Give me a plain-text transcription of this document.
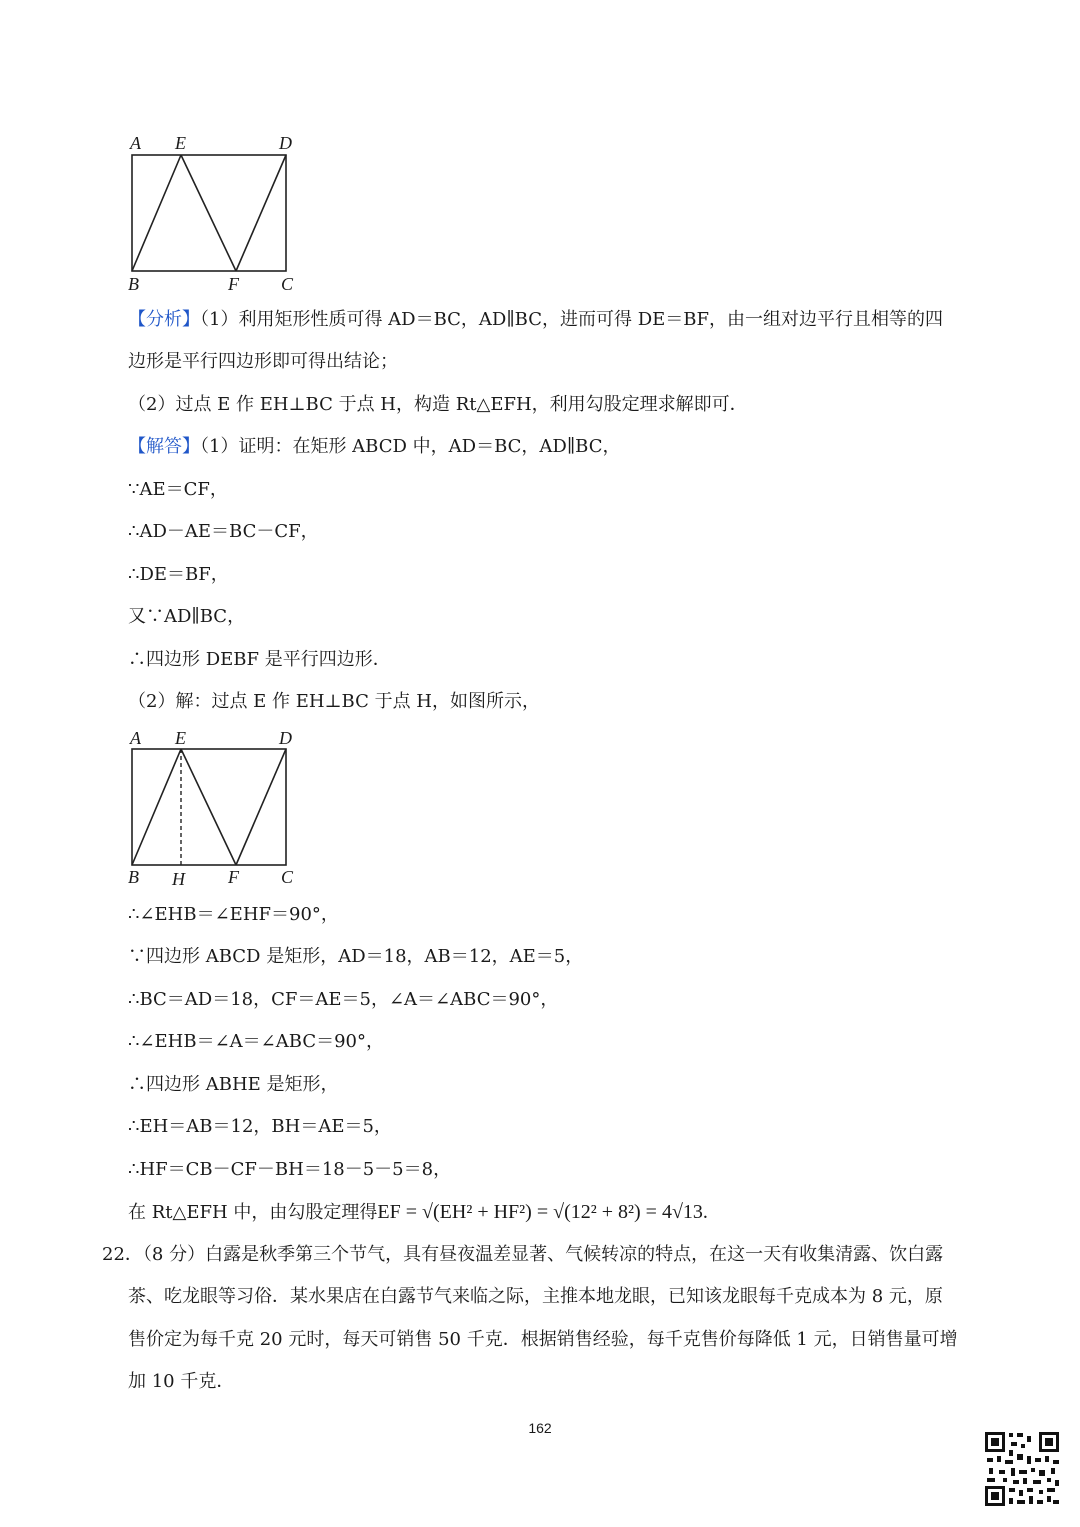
A E	D
B	F C
【分析】（1）利用矩形性质可得 AD＝BC，AD∥BC，进而可得 DE＝BF，由一组对边平行且相等的四
边形是平行四边形即可得出结论；
（2）过点 E 作 EH⊥BC 于点 H，构造 Rt△EFH，利用勾股定理求解即可．
【解答】（1）证明：在矩形 ABCD 中，AD＝BC，AD∥BC，
∵AE＝CF，
∴AD－AE＝BC－CF，
∴DE＝BF，
又∵AD∥BC，
∴四边形 DEBF 是平行四边形．
（2）解：过点 E 作 EH⊥BC 于点 H，如图所示，
A E	D
B H F C
∴∠EHB＝∠EHF＝90°，
∵四边形 ABCD 是矩形，AD＝18，AB＝12，AE＝5，
∴BC＝AD＝18，CF＝AE＝5，∠A＝∠ABC＝90°，
∴∠EHB＝∠A＝∠ABC＝90°，
∴四边形 ABHE 是矩形，
∴EH＝AB＝12，BH＝AE＝5，
∴HF＝CB－CF－BH＝18－5－5＝8，
在 Rt△EFH 中，由勾股定理得EF = √(EH² + HF²) = √(12² + 8²) = 4√13.
22．（8 分）白露是秋季第三个节气，具有昼夜温差显著、气候转凉的特点，在这一天有收集清露、饮白露
茶、吃龙眼等习俗．某水果店在白露节气来临之际，主推本地龙眼，已知该龙眼每千克成本为 8 元，原
售价定为每千克 20 元时，每天可销售 50 千克．根据销售经验，每千克售价每降低 1 元，日销售量可增
加 10 千克．
162
